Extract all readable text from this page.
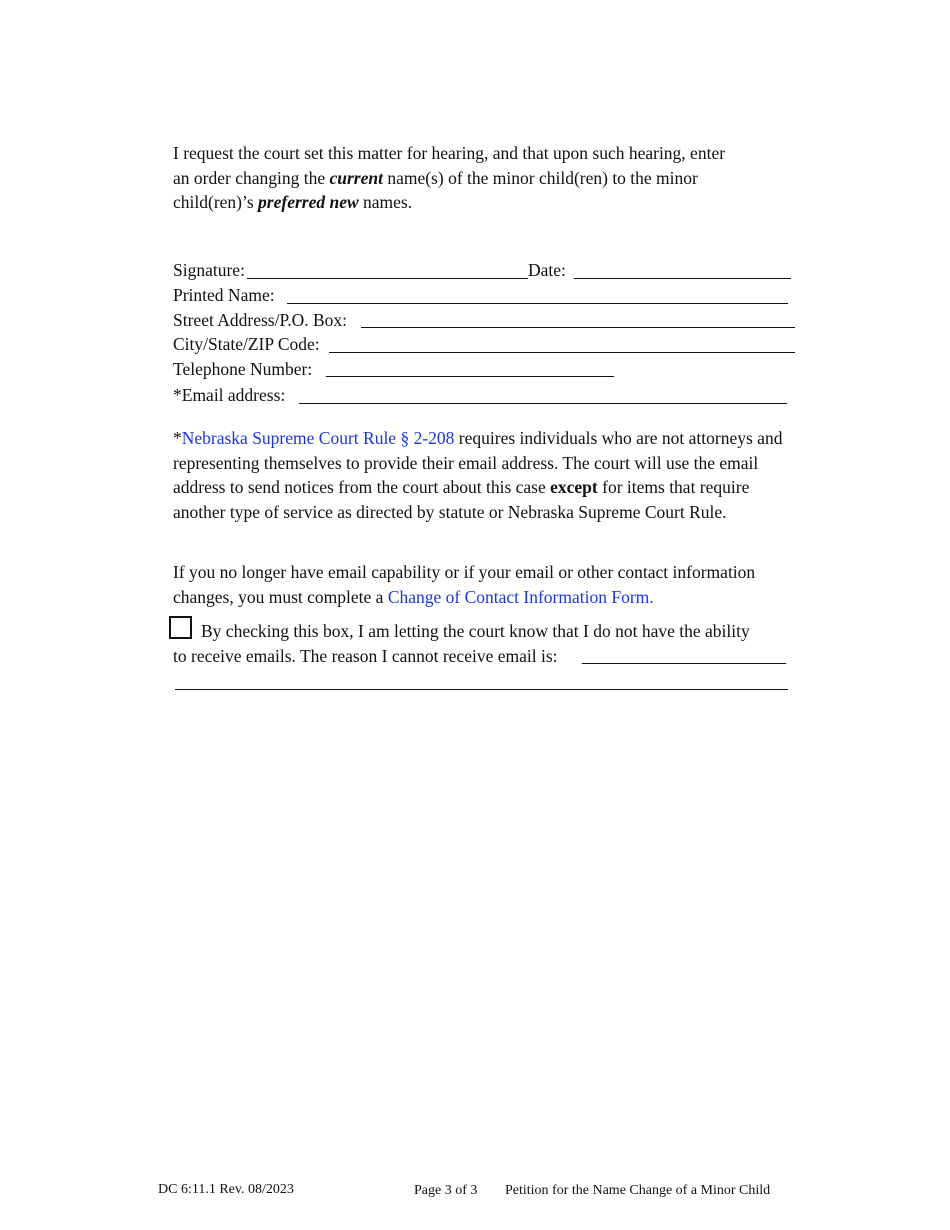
I request the court set this matter for hearing, and that upon such hearing, enter
an order changing the current name(s) of the minor child(ren) to the minor
child(ren)’s preferred new names.
Signature:	Date:
Printed Name:
Street Address/P.O. Box:
City/State/ZIP Code:
Telephone Number:
*Email address:
*Nebraska Supreme Court Rule § 2-208 requires individuals who are not attorneys and representing themselves to provide their email address. The court will use the email address to send notices from the court about this case except for items that require another type of service as directed by statute or Nebraska Supreme Court Rule.
If you no longer have email capability or if your email or other contact information changes, you must complete a Change of Contact Information Form.
By checking this box, I am letting the court know that I do not have the ability
to receive emails. The reason I cannot receive email is:
DC 6:11.1 Rev. 08/2023	Page 3 of 3 Petition for the Name Change of a Minor Child
